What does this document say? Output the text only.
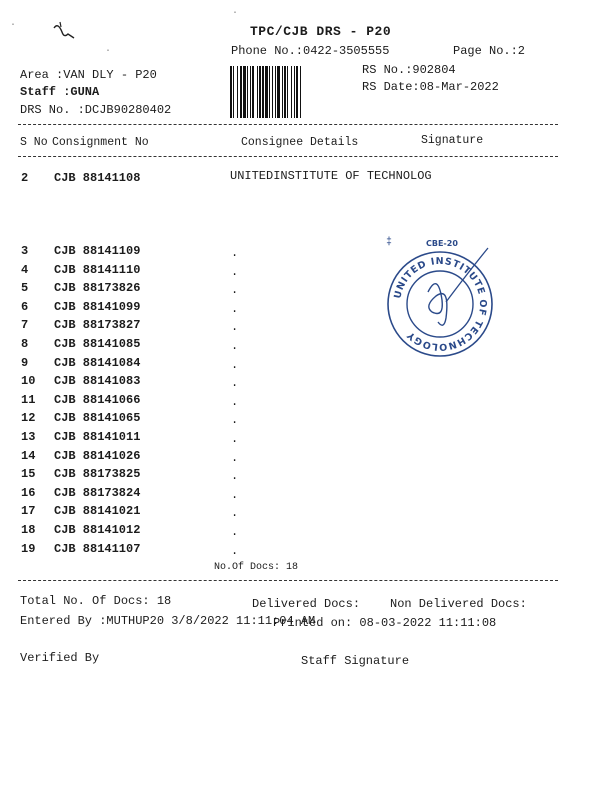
·
·
·
TPC/CJB DRS - P20
Phone No.:0422-3505555	Page No.:2
Area :VAN DLY - P20
Staff :GUNA
DRS No. :DCJB90280402
RS No.:902804
RS Date:08-Mar-2022
S No Consignment No	Consignee Details	Signature
2 CJB 88141108	UNITEDINSTITUTE OF TECHNOLOG
3 CJB 88141109	.
4 CJB 88141110	.
5 CJB 88173826	.
6 CJB 88141099	.
7 CJB 88173827	.
8 CJB 88141085	.
9 CJB 88141084	.
10 CJB 88141083	.
11 CJB 88141066	.
12 CJB 88141065	.
13 CJB 88141011	.
14 CJB 88141026	.
15 CJB 88173825	.
16 CJB 88173824	.
17 CJB 88141021	.
18 CJB 88141012	.
19 CJB 88141107	.
UNITED INSTITUTE OF TECHNOLOGY
CBE-20
‡
No.Of Docs: 18
Total No. Of Docs: 18	Delivered Docs: Non Delivered Docs:
Entered By :MUTHUP20 3/8/2022 11:11:04 AM
Printed on: 08-03-2022 11:11:08
Verified By	Staff Signature
